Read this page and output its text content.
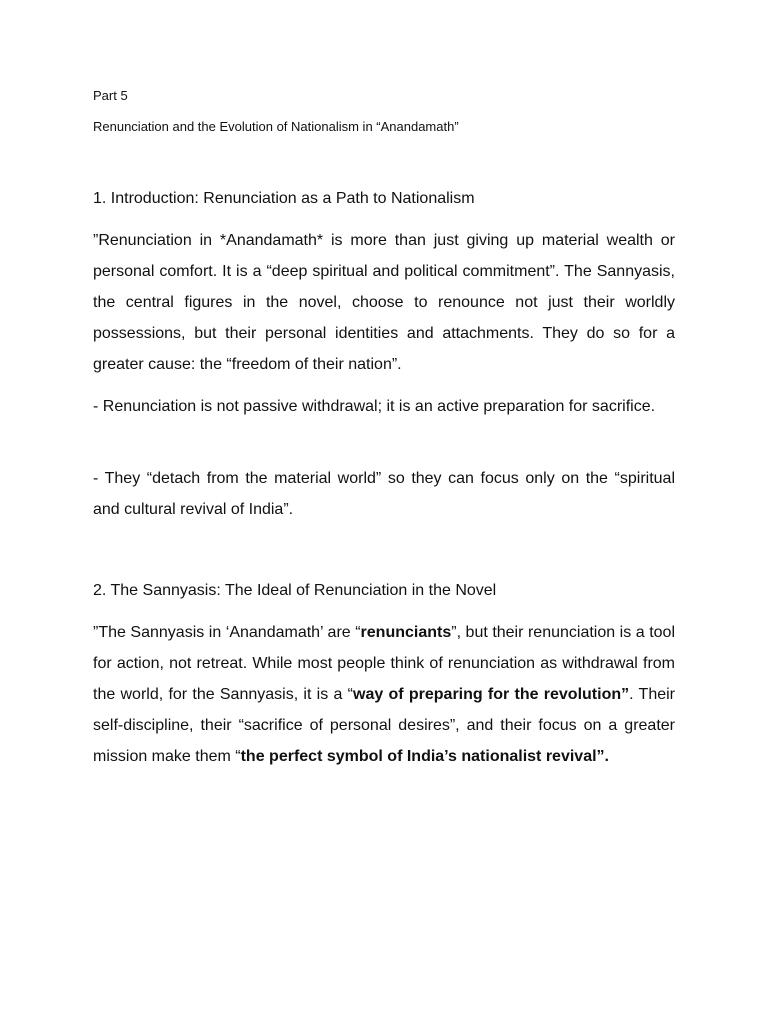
Part 5
Renunciation and the Evolution of Nationalism in “Anandamath”
1. Introduction: Renunciation as a Path to Nationalism
”Renunciation in *Anandamath* is more than just giving up material wealth or personal comfort. It is a “deep spiritual and political commitment”. The Sannyasis, the central figures in the novel, choose to renounce not just their worldly possessions, but their personal identities and attachments. They do so for a greater cause: the “freedom of their nation”.
- Renunciation is not passive withdrawal; it is an active preparation for sacrifice.
- They “detach from the material world” so they can focus only on the “spiritual and cultural revival of India”.
2. The Sannyasis: The Ideal of Renunciation in the Novel
”The Sannyasis in ‘Anandamath’ are “renunciants”, but their renunciation is a tool for action, not retreat. While most people think of renunciation as withdrawal from the world, for the Sannyasis, it is a “way of preparing for the revolution”. Their self-discipline, their “sacrifice of personal desires”, and their focus on a greater mission make them “the perfect symbol of India’s nationalist revival”.
